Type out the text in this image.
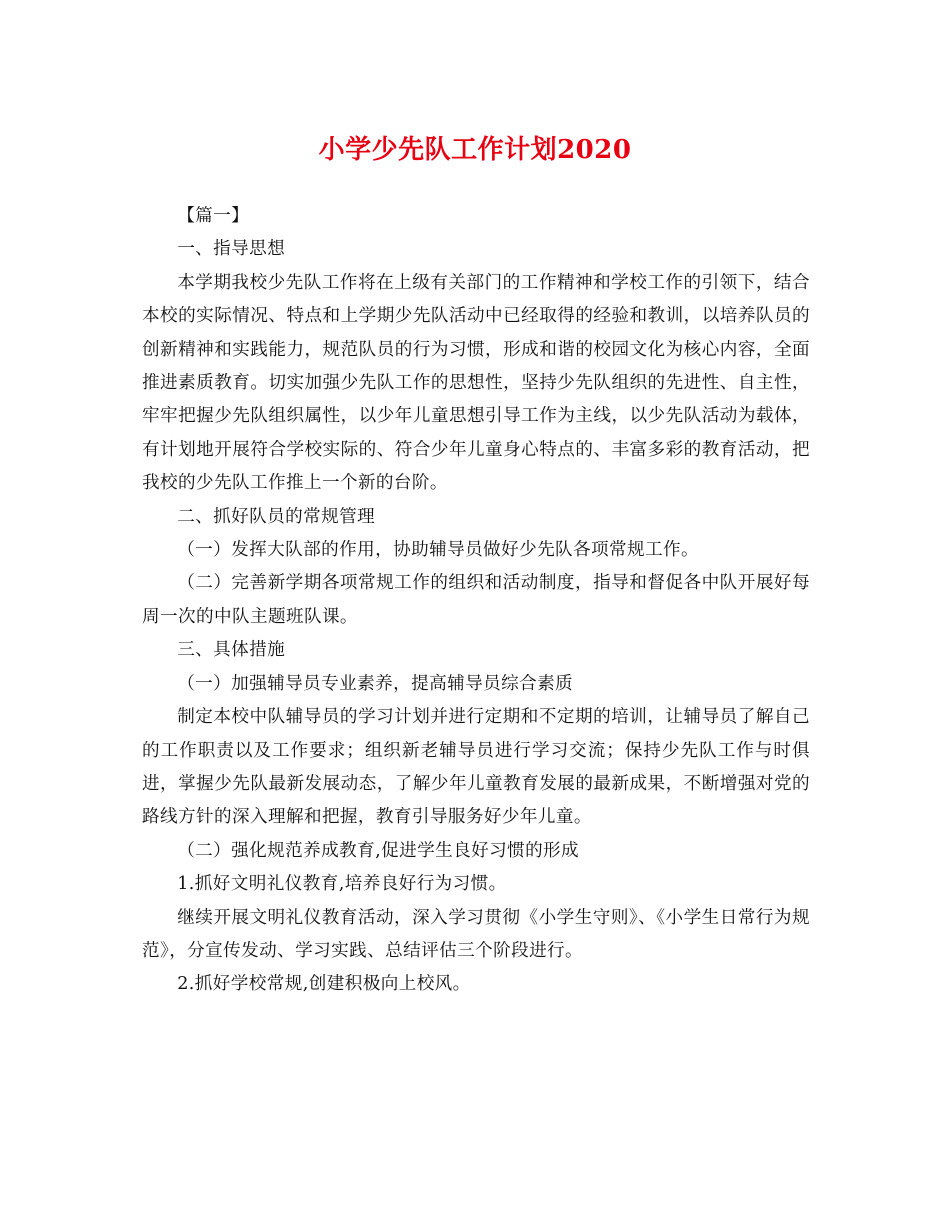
小学少先队工作计划2020

【篇一】

一、指导思想

本学期我校少先队工作将在上级有关部门的工作精神和学校工作的引领下，结合本校的实际情况、特点和上学期少先队活动中已经取得的经验和教训，以培养队员的创新精神和实践能力，规范队员的行为习惯，形成和谐的校园文化为核心内容，全面推进素质教育。切实加强少先队工作的思想性，坚持少先队组织的先进性、自主性，牢牢把握少先队组织属性，以少年儿童思想引导工作为主线，以少先队活动为载体，有计划地开展符合学校实际的、符合少年儿童身心特点的、丰富多彩的教育活动，把我校的少先队工作推上一个新的台阶。

二、抓好队员的常规管理

（一）发挥大队部的作用，协助辅导员做好少先队各项常规工作。

（二）完善新学期各项常规工作的组织和活动制度，指导和督促各中队开展好每周一次的中队主题班队课。

三、具体措施

（一）加强辅导员专业素养，提高辅导员综合素质

制定本校中队辅导员的学习计划并进行定期和不定期的培训，让辅导员了解自己的工作职责以及工作要求；组织新老辅导员进行学习交流；保持少先队工作与时俱进，掌握少先队最新发展动态，了解少年儿童教育发展的最新成果，不断增强对党的路线方针的深入理解和把握，教育引导服务好少年儿童。

（二）强化规范养成教育,促进学生良好习惯的形成

1.抓好文明礼仪教育,培养良好行为习惯。

继续开展文明礼仪教育活动，深入学习贯彻《小学生守则》、《小学生日常行为规范》，分宣传发动、学习实践、总结评估三个阶段进行。

2.抓好学校常规,创建积极向上校风。
